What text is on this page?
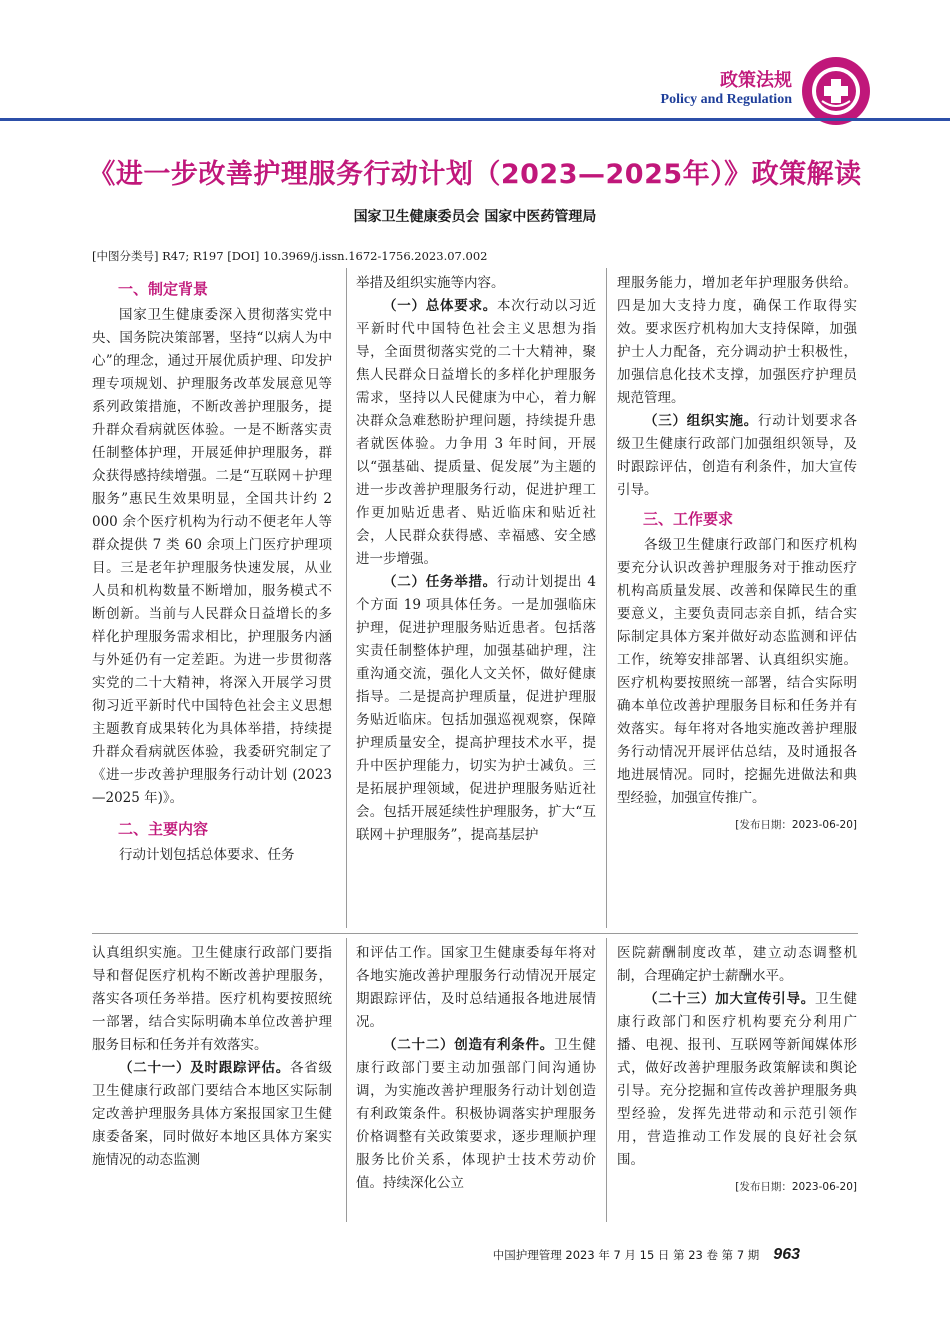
政策法规
Policy and Regulation
《进一步改善护理服务行动计划（2023—2025年）》政策解读
国家卫生健康委员会 国家中医药管理局
[中图分类号] R47; R197 [DOI] 10.3969/j.issn.1672-1756.2023.07.002
一、制定背景

国家卫生健康委深入贯彻落实党中央、国务院决策部署，坚持“以病人为中心”的理念，通过开展优质护理、印发护理专项规划、护理服务改革发展意见等系列政策措施，不断改善护理服务，提升群众看病就医体验。一是不断落实责任制整体护理，开展延伸护理服务，群众获得感持续增强。二是“互联网＋护理服务”惠民生效果明显，全国共计约 2 000 余个医疗机构为行动不便老年人等群众提供 7 类 60 余项上门医疗护理项目。三是老年护理服务快速发展，从业人员和机构数量不断增加，服务模式不断创新。当前与人民群众日益增长的多样化护理服务需求相比，护理服务内涵与外延仍有一定差距。为进一步贯彻落实党的二十大精神，将深入开展学习贯彻习近平新时代中国特色社会主义思想主题教育成果转化为具体举措，持续提升群众看病就医体验，我委研究制定了《进一步改善护理服务行动计划 (2023—2025 年)》。

二、主要内容

行动计划包括总体要求、任务

举措及组织实施等内容。

（一）总体要求。本次行动以习近平新时代中国特色社会主义思想为指导，全面贯彻落实党的二十大精神，聚焦人民群众日益增长的多样化护理服务需求，坚持以人民健康为中心，着力解决群众急难愁盼护理问题，持续提升患者就医体验。力争用 3 年时间，开展以“强基础、提质量、促发展”为主题的进一步改善护理服务行动，促进护理工作更加贴近患者、贴近临床和贴近社会，人民群众获得感、幸福感、安全感进一步增强。

（二）任务举措。行动计划提出 4 个方面 19 项具体任务。一是加强临床护理，促进护理服务贴近患者。包括落实责任制整体护理，加强基础护理，注重沟通交流，强化人文关怀，做好健康指导。二是提高护理质量，促进护理服务贴近临床。包括加强巡视观察，保障护理质量安全，提高护理技术水平，提升中医护理能力，切实为护士减负。三是拓展护理领域，促进护理服务贴近社会。包括开展延续性护理服务，扩大“互联网＋护理服务”，提高基层护

理服务能力，增加老年护理服务供给。四是加大支持力度，确保工作取得实效。要求医疗机构加大支持保障，加强护士人力配备，充分调动护士积极性，加强信息化技术支撑，加强医疗护理员规范管理。

（三）组织实施。行动计划要求各级卫生健康行政部门加强组织领导，及时跟踪评估，创造有利条件，加大宣传引导。

三、工作要求

各级卫生健康行政部门和医疗机构要充分认识改善护理服务对于推动医疗机构高质量发展、改善和保障民生的重要意义，主要负责同志亲自抓，结合实际制定具体方案并做好动态监测和评估工作，统筹安排部署、认真组织实施。医疗机构要按照统一部署，结合实际明确本单位改善护理服务目标和任务并有效落实。每年将对各地实施改善护理服务行动情况开展评估总结，及时通报各地进展情况。同时，挖掘先进做法和典型经验，加强宣传推广。

[发布日期：2023-06-20]

认真组织实施。卫生健康行政部门要指导和督促医疗机构不断改善护理服务，落实各项任务举措。医疗机构要按照统一部署，结合实际明确本单位改善护理服务目标和任务并有效落实。

（二十一）及时跟踪评估。各省级卫生健康行政部门要结合本地区实际制定改善护理服务具体方案报国家卫生健康委备案，同时做好本地区具体方案实施情况的动态监测

和评估工作。国家卫生健康委每年将对各地实施改善护理服务行动情况开展定期跟踪评估，及时总结通报各地进展情况。

（二十二）创造有利条件。卫生健康行政部门要主动加强部门间沟通协调，为实施改善护理服务行动计划创造有利政策条件。积极协调落实护理服务价格调整有关政策要求，逐步理顺护理服务比价关系，体现护士技术劳动价值。持续深化公立

医院薪酬制度改革，建立动态调整机制，合理确定护士薪酬水平。

（二十三）加大宣传引导。卫生健康行政部门和医疗机构要充分利用广播、电视、报刊、互联网等新闻媒体形式，做好改善护理服务政策解读和舆论引导。充分挖掘和宣传改善护理服务典型经验，发挥先进带动和示范引领作用，营造推动工作发展的良好社会氛围。

[发布日期：2023-06-20]

中国护理管理 2023 年 7 月 15 日 第 23 卷 第 7 期 963
